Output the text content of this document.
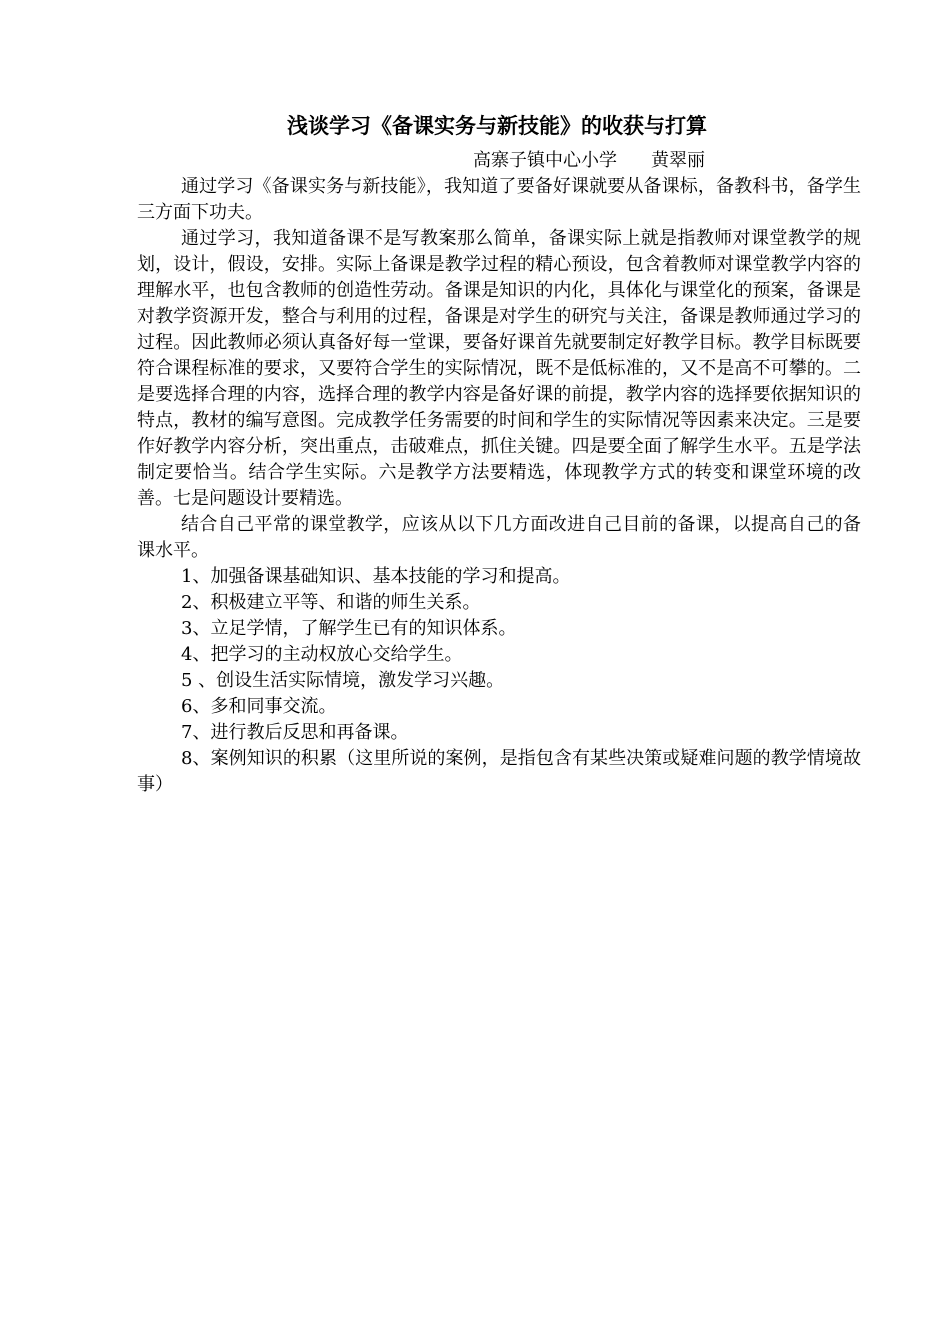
浅谈学习《备课实务与新技能》的收获与打算
高寨子镇中心小学 黄翠丽

通过学习《备课实务与新技能》，我知道了要备好课就要从备课标，备教科书，备学生三方面下功夫。

通过学习，我知道备课不是写教案那么简单，备课实际上就是指教师对课堂教学的规划，设计，假设，安排。实际上备课是教学过程的精心预设，包含着教师对课堂教学内容的理解水平，也包含教师的创造性劳动。备课是知识的内化，具体化与课堂化的预案，备课是对教学资源开发，整合与利用的过程，备课是对学生的研究与关注，备课是教师通过学习的过程。因此教师必须认真备好每一堂课，要备好课首先就要制定好教学目标。教学目标既要符合课程标准的要求，又要符合学生的实际情况，既不是低标准的，又不是高不可攀的。二是要选择合理的内容，选择合理的教学内容是备好课的前提，教学内容的选择要依据知识的特点，教材的编写意图。完成教学任务需要的时间和学生的实际情况等因素来决定。三是要作好教学内容分析，突出重点，击破难点，抓住关键。四是要全面了解学生水平。五是学法制定要恰当。结合学生实际。六是教学方法要精选，体现教学方式的转变和课堂环境的改善。七是问题设计要精选。

结合自己平常的课堂教学，应该从以下几方面改进自己目前的备课，以提高自己的备课水平。

1、加强备课基础知识、基本技能的学习和提高。

2、积极建立平等、和谐的师生关系。

3、立足学情，了解学生已有的知识体系。

4、把学习的主动权放心交给学生。

5 、创设生活实际情境，激发学习兴趣。

6、多和同事交流。

7、进行教后反思和再备课。

8、案例知识的积累（这里所说的案例，是指包含有某些决策或疑难问题的教学情境故事）
